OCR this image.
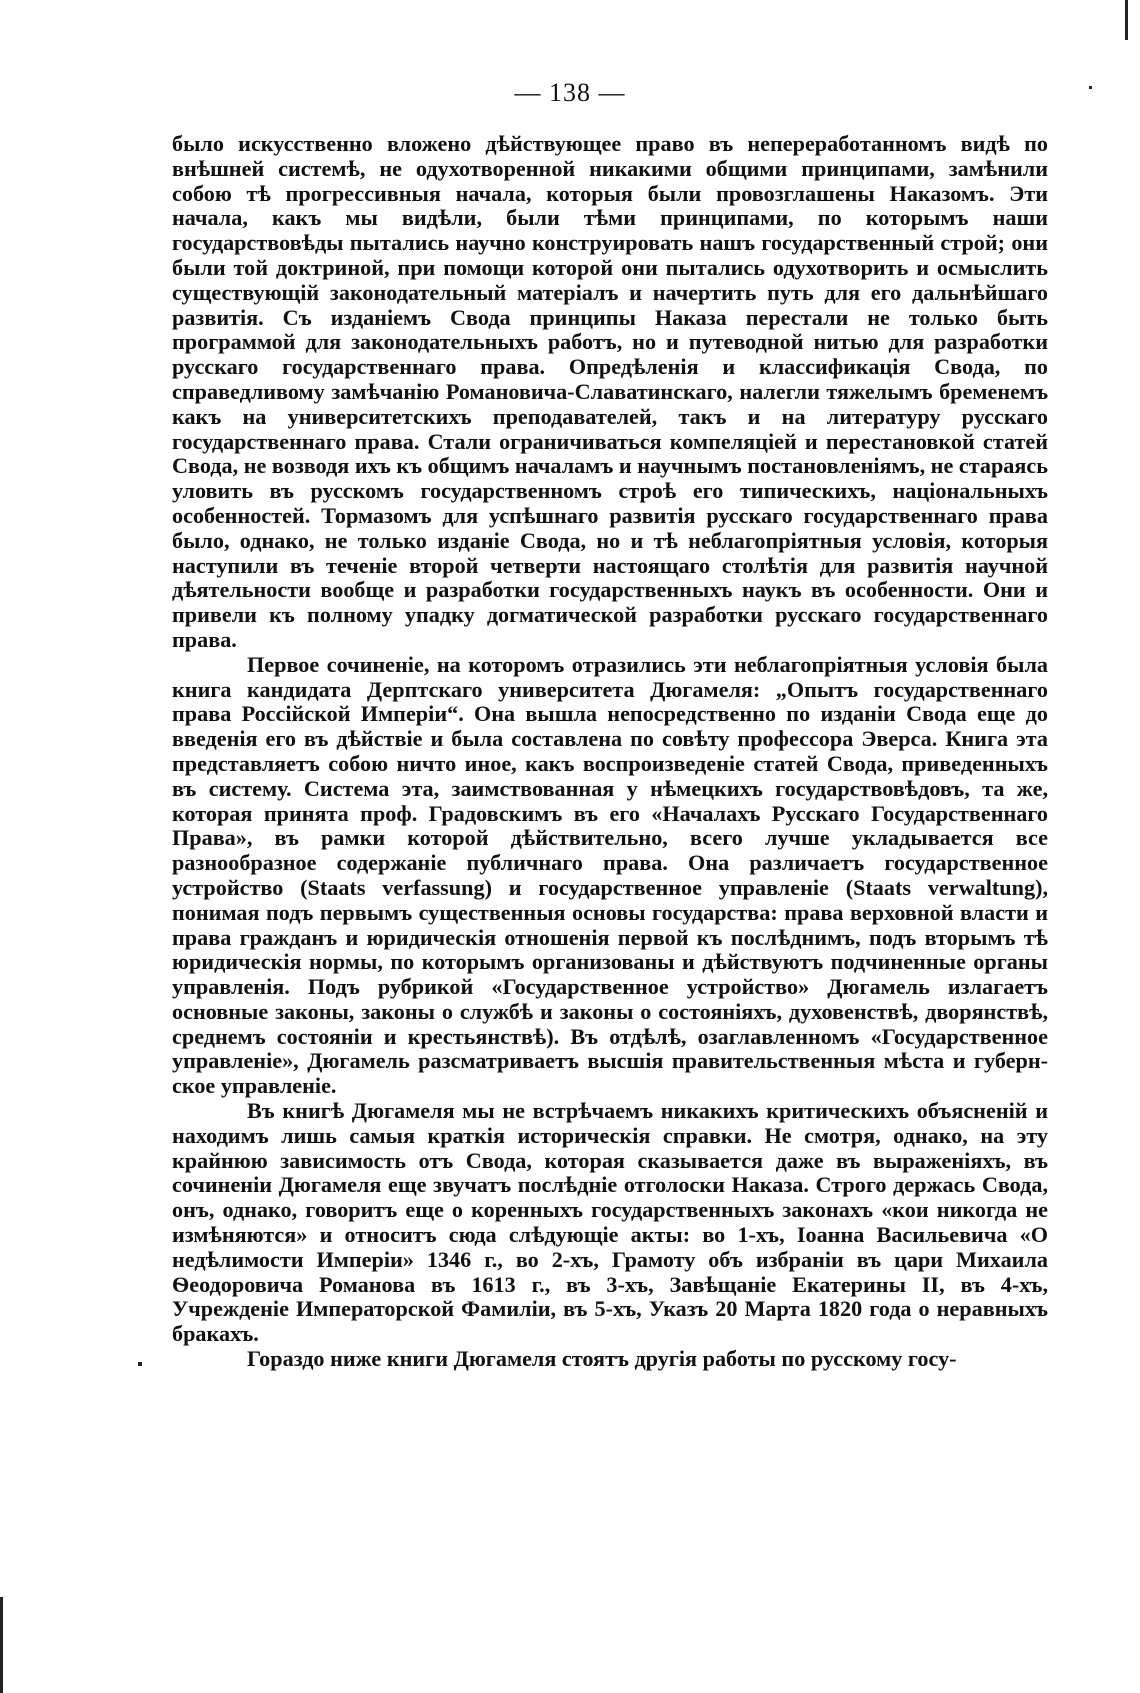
— 138 —

было искусственно вложено дѣйствующее право въ непереработанномъ видѣ по внѣшней системѣ, не одухотворенной никакими общими принципами, замѣнили собою тѣ прогрессивныя начала, которыя были провозглашены Наказомъ. Эти начала, какъ мы видѣли, были тѣми принципами, по которымъ наши государствовѣды пытались научно конструировать нашъ государственный строй; они были той доктриной, при помощи которой они пытались одухотворить и осмыслить существующій законодательный матеріалъ и начертить путь для его дальнѣйшаго развитія. Съ изданіемъ Свода принципы Наказа перестали не только быть программой для законодательныхъ работъ, но и путеводной нитью для разработки русскаго государственнаго права. Опредѣленія и классификація Свода, по справедливому замѣчанію Романовича-Славатинскаго, налегли тяжелымъ бременемъ какъ на университетскихъ преподавателей, такъ и на литературу русскаго государственнаго права. Стали ограничиваться компеляціей и перестановкой статей Свода, не возводя ихъ къ общимъ началамъ и научнымъ постановленіямъ, не стараясь уловить въ русскомъ государственномъ строѣ его типическихъ, національныхъ особенностей. Тормазомъ для успѣшнаго развитія русскаго государственнаго права было, однако, не только изданіе Свода, но и тѣ неблагопріятныя условія, которыя наступили въ теченіе второй четверти настоящаго столѣтія для развитія научной дѣятельности вообще и разработки государственныхъ наукъ въ особенности. Они и привели къ полному упадку догматической разработки русскаго государственнаго права.

Первое сочиненіе, на которомъ отразились эти неблагопріятныя условія была книга кандидата Дерптскаго университета Дюгамеля: „Опытъ государственнаго права Россійской Имперіи“. Она вышла непосредственно по изданіи Свода еще до введенія его въ дѣйствіе и была составлена по совѣту профессора Эверса. Книга эта представляетъ собою ничто иное, какъ воспроизведеніе статей Свода, приведенныхъ въ систему. Система эта, заимствованная у нѣмецкихъ государствовѣдовъ, та же, которая принята проф. Градовскимъ въ его «Началахъ Русскаго Государственнаго Права», въ рамки которой дѣйствительно, всего лучше укладывается все разнообразное содержаніе публичнаго права. Она различаетъ государственное устройство (Staats verfassung) и государственное управленіе (Staats verwaltung), понимая подъ первымъ существенныя основы государства: права верховной власти и права гражданъ и юридическія отношенія первой къ послѣднимъ, подъ вторымъ тѣ юридическія нормы, по которымъ организованы и дѣйствуютъ подчиненные органы управленія. Подъ рубрикой «Государственное устройство» Дюгамель излагаетъ основные законы, законы о службѣ и законы о состояніяхъ, духовенствѣ, дворянствѣ, среднемъ состояніи и крестьянствѣ). Въ отдѣлѣ, озаглавленномъ «Государственное управленіе», Дюгамель разсматриваетъ высшія правительственныя мѣста и губернское управленіе.

Въ книгѣ Дюгамеля мы не встрѣчаемъ никакихъ критическихъ объясненій и находимъ лишь самыя краткія историческія справки. Не смотря, однако, на эту крайнюю зависимость отъ Свода, которая сказывается даже въ выраженіяхъ, въ сочиненіи Дюгамеля еще звучатъ послѣдніе отголоски Наказа. Строго держась Свода, онъ, однако, говоритъ еще о коренныхъ государственныхъ законахъ «кои никогда не измѣняются» и относитъ сюда слѣдующіе акты: во 1-хъ, Іоанна Васильевича «О недѣлимости Имперіи» 1346 г., во 2-хъ, Грамоту объ избраніи въ цари Михаила Ѳеодоровича Романова въ 1613 г., въ 3-хъ, Завѣщаніе Екатерины II, въ 4-хъ, Учрежденіе Императорской Фамиліи, въ 5-хъ, Указъ 20 Марта 1820 года о неравныхъ бракахъ.

Гораздо ниже книги Дюгамеля стоятъ другія работы по русскому госу-
